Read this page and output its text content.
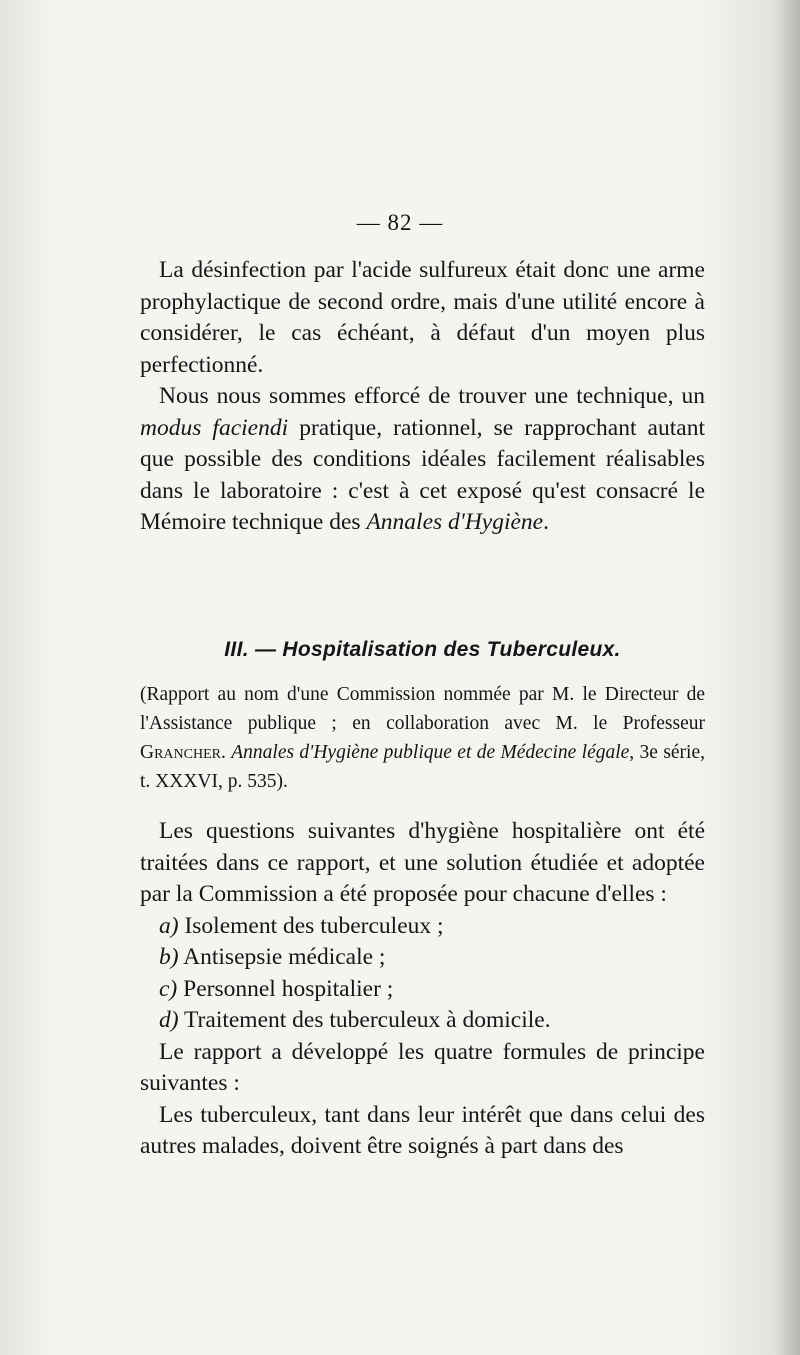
— 82 —

La désinfection par l'acide sulfureux était donc une arme prophylactique de second ordre, mais d'une utilité encore à considérer, le cas échéant, à défaut d'un moyen plus perfectionné.

Nous nous sommes efforcé de trouver une technique, un modus faciendi pratique, rationnel, se rapprochant autant que possible des conditions idéales facilement réalisables dans le laboratoire : c'est à cet exposé qu'est consacré le Mémoire technique des Annales d'Hygiène.

III. — Hospitalisation des Tuberculeux.

(Rapport au nom d'une Commission nommée par M. le Directeur de l'Assistance publique ; en collaboration avec M. le Professeur Grancher. Annales d'Hygiène publique et de Médecine légale, 3e série, t. XXXVI, p. 535).

Les questions suivantes d'hygiène hospitalière ont été traitées dans ce rapport, et une solution étudiée et adoptée par la Commission a été proposée pour chacune d'elles :

a) Isolement des tuberculeux ;

b) Antisepsie médicale ;

c) Personnel hospitalier ;

d) Traitement des tuberculeux à domicile.

Le rapport a développé les quatre formules de principe suivantes :

Les tuberculeux, tant dans leur intérêt que dans celui des autres malades, doivent être soignés à part dans des
